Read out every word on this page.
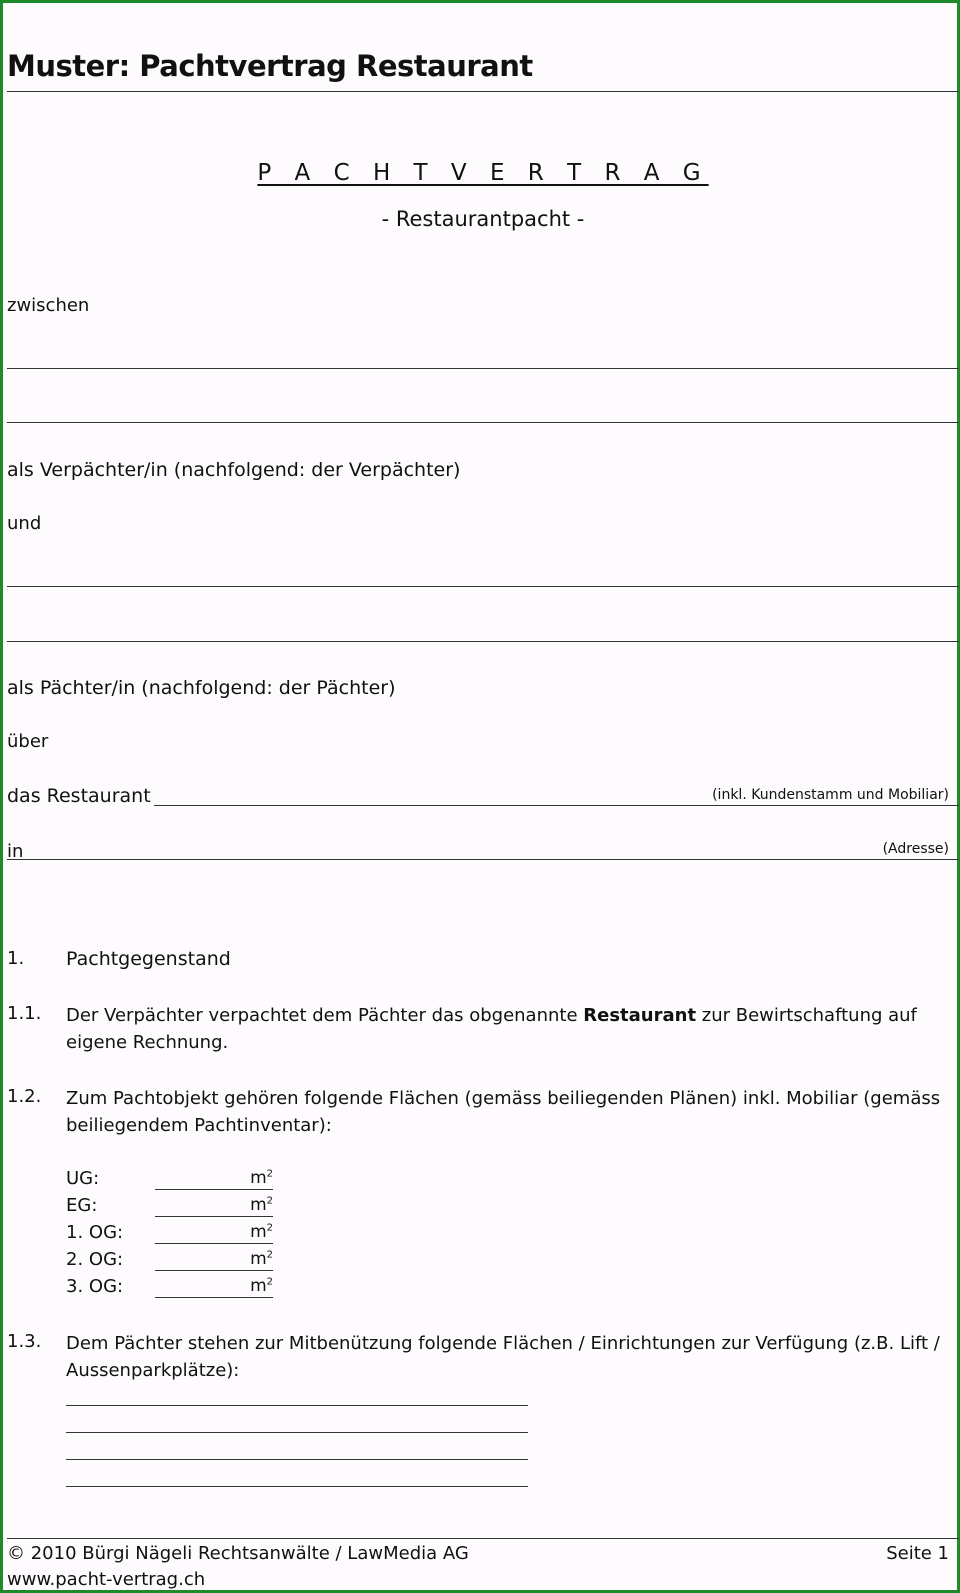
Muster: Pachtvertrag Restaurant
P A C H T V E R T R A G
- Restaurantpacht -
zwischen
als Verpächter/in (nachfolgend: der Verpächter)
und
als Pächter/in (nachfolgend: der Pächter)
über
das Restaurant	(inkl. Kundenstamm und Mobiliar)
in	(Adresse)
1. Pachtgegenstand
1.1. Der Verpächter verpachtet dem Pächter das obgenannte Restaurant zur Bewirtschaftung auf eigene Rechnung.
1.2. Zum Pachtobjekt gehören folgende Flächen (gemäss beiliegenden Plänen) inkl. Mobiliar (gemäss beiliegendem Pachtinventar):
UG:	$m^2$
EG:	$m^2$
1. OG:	$m^2$
2. OG:	$m^2$
3. OG:	$m^2$
1.3. Dem Pächter stehen zur Mitbenützung folgende Flächen / Einrichtungen zur Verfügung (z.B. Lift / Aussenparkplätze):
© 2010 Bürgi Nägeli Rechtsanwälte / LawMedia AG	Seite 1
www.pacht-vertrag.ch
